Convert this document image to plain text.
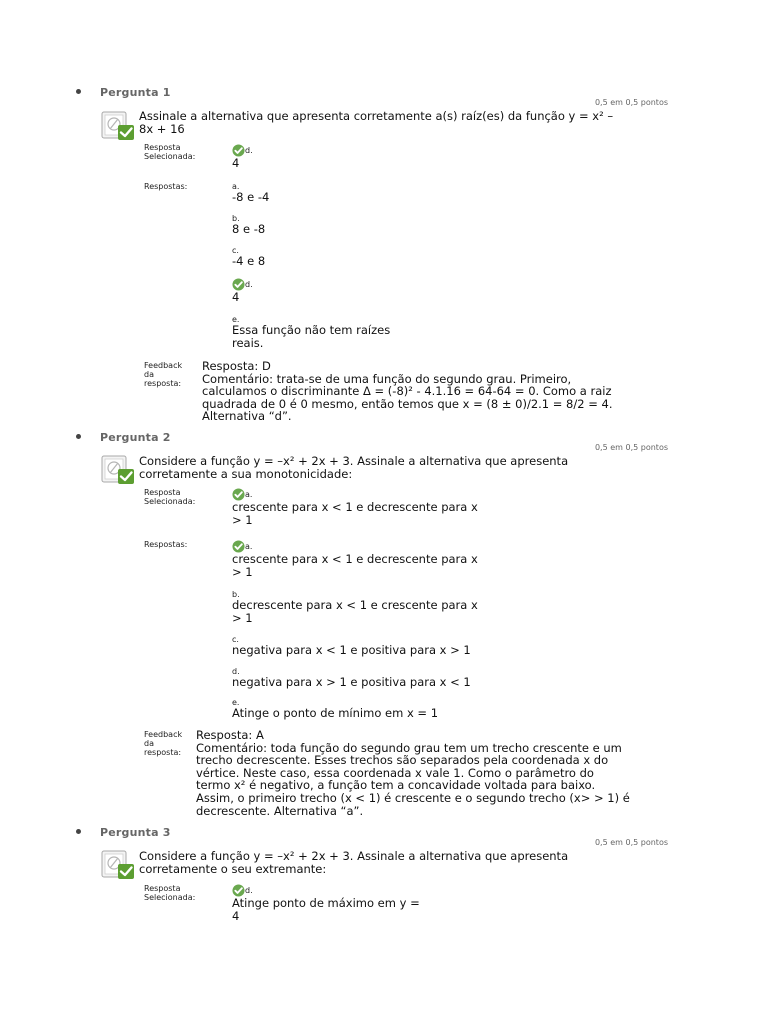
Pergunta 1
0,5 em 0,5 pontos
Assinale a alternativa que apresenta corretamente a(s) raíz(es) da função y = x² – 8x + 16
Resposta Selecionada:
d.
4
Respostas:	a.
-8 e -4
b.
8 e -8
c.
-4 e 8
d.
4
e.
Essa função não tem raízes reais.
Feedback da resposta:
Resposta: D
Comentário: trata-se de uma função do segundo grau. Primeiro, calculamos o discriminante Δ = (-8)² - 4.1.16 = 64-64 = 0. Como a raiz quadrada de 0 é 0 mesmo, então temos que x = (8 ± 0)/2.1 = 8/2 = 4. Alternativa “d”.
Pergunta 2
0,5 em 0,5 pontos
Considere a função y = –x² + 2x + 3. Assinale a alternativa que apresenta corretamente a sua monotonicidade:
Resposta Selecionada:
a.
crescente para x < 1 e decrescente para x > 1
Respostas:	a.
crescente para x < 1 e decrescente para x > 1
b.
decrescente para x < 1 e crescente para x > 1
c.
negativa para x < 1 e positiva para x > 1
d.
negativa para x > 1 e positiva para x < 1
e.
Atinge o ponto de mínimo em x = 1
Feedback da resposta:
Resposta: A
Comentário: toda função do segundo grau tem um trecho crescente e um trecho decrescente. Esses trechos são separados pela coordenada x do vértice. Neste caso, essa coordenada x vale 1. Como o parâmetro do termo x² é negativo, a função tem a concavidade voltada para baixo. Assim, o primeiro trecho (x < 1) é crescente e o segundo trecho (x> > 1) é decrescente. Alternativa “a”.
Pergunta 3
0,5 em 0,5 pontos
Considere a função y = –x² + 2x + 3. Assinale a alternativa que apresenta corretamente o seu extremante:
Resposta Selecionada:
d.
Atinge ponto de máximo em y = 4
